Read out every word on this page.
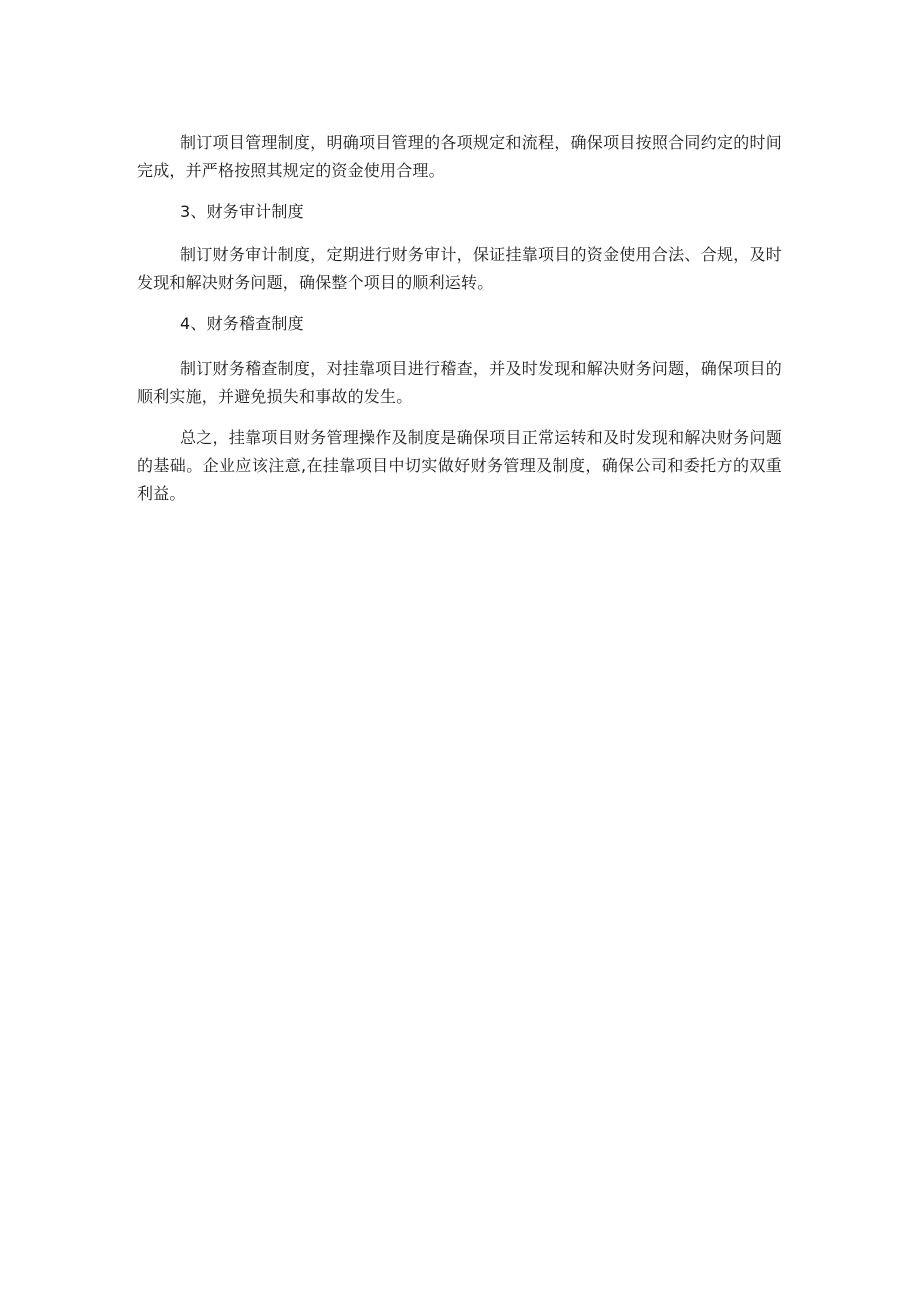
制订项目管理制度，明确项目管理的各项规定和流程，确保项目按照合同约定的时间完成，并严格按照其规定的资金使用合理。

3、财务审计制度

制订财务审计制度，定期进行财务审计，保证挂靠项目的资金使用合法、合规，及时发现和解决财务问题，确保整个项目的顺利运转。

4、财务稽查制度

制订财务稽查制度，对挂靠项目进行稽查，并及时发现和解决财务问题，确保项目的顺利实施，并避免损失和事故的发生。

总之，挂靠项目财务管理操作及制度是确保项目正常运转和及时发现和解决财务问题的基础。企业应该注意,在挂靠项目中切实做好财务管理及制度，确保公司和委托方的双重利益。
